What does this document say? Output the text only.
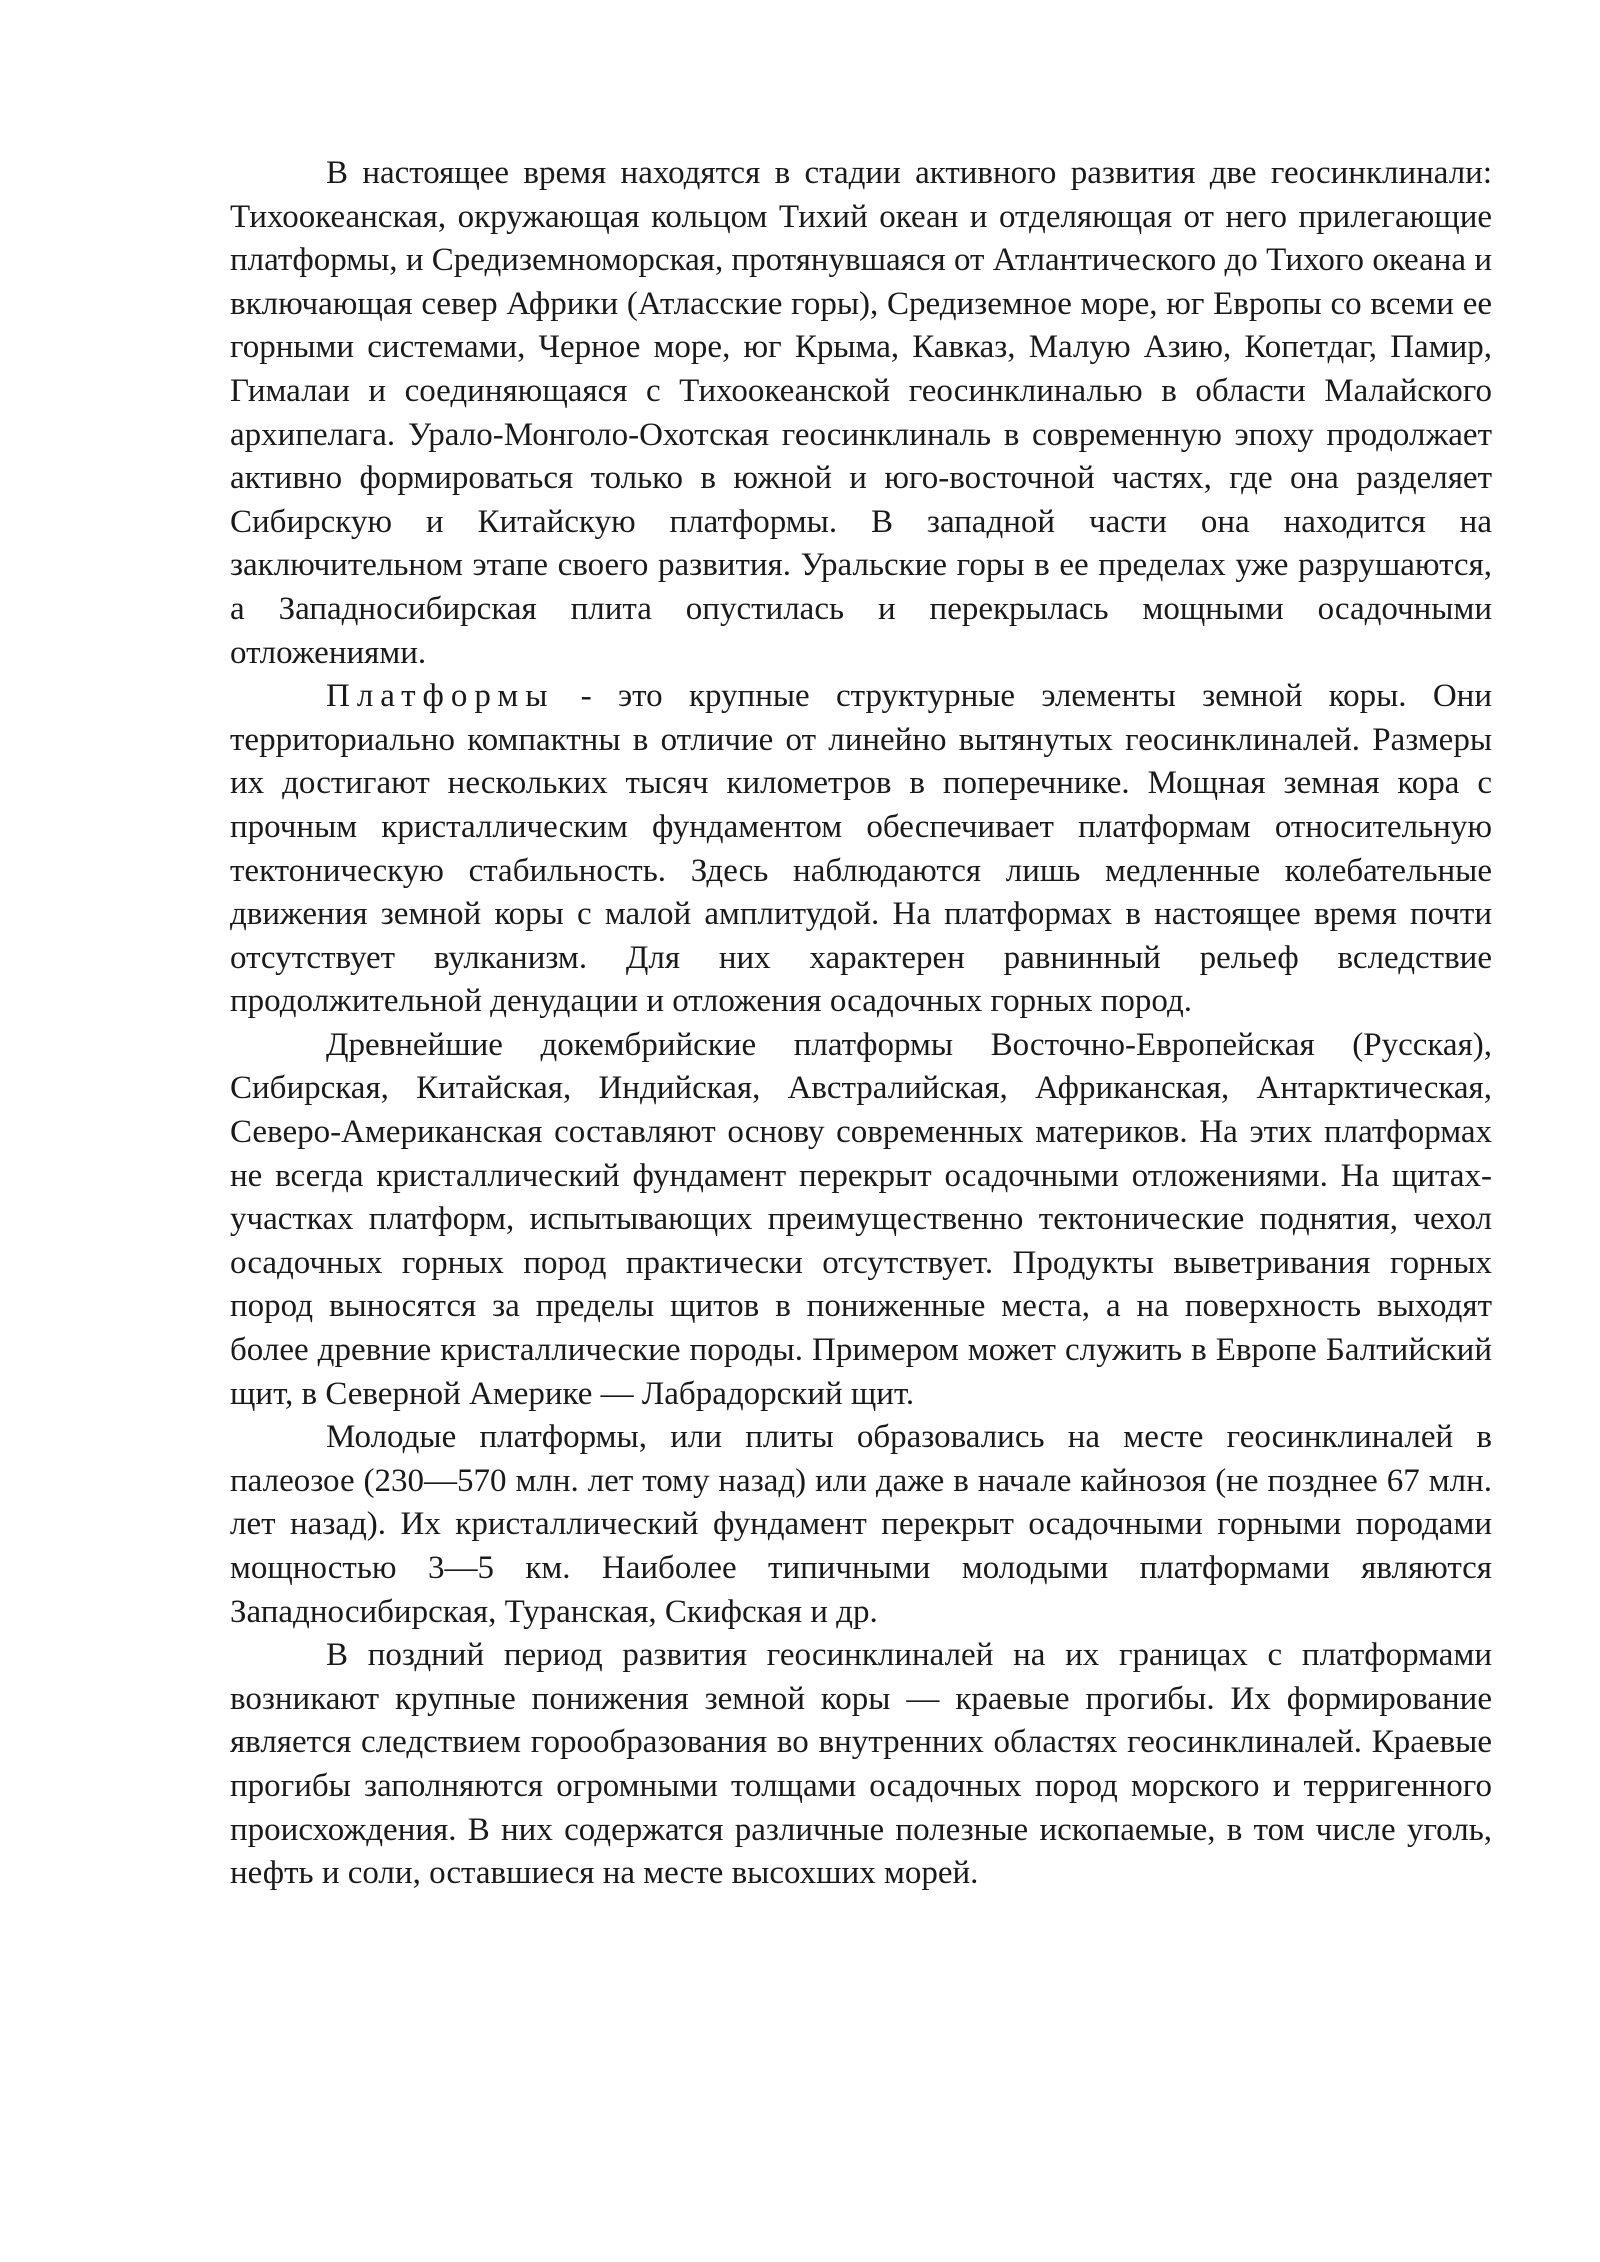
В настоящее время находятся в стадии активного развития две геосинклинали: Тихоокеанская, окружающая кольцом Тихий океан и отделяющая от него прилегающие платформы, и Средиземноморская, протянувшаяся от Атлантического до Тихого океана и включающая север Африки (Атласские горы), Средиземное море, юг Европы со всеми ее горными системами, Черное море, юг Крыма, Кавказ, Малую Азию, Копетдаг, Памир, Гималаи и соединяющаяся с Тихоокеанской геосинклиналью в области Малайского архипелага. Урало-Монголо-Охотская геосинклиналь в современную эпоху продолжает активно формироваться только в южной и юго-восточной частях, где она разделяет Сибирскую и Китайскую платформы. В западной части она находится на заключительном этапе своего развития. Уральские горы в ее пределах уже разрушаются, а Западносибирская плита опустилась и перекрылась мощными осадочными отложениями.

Платформы - это крупные структурные элементы земной коры. Они территориально компактны в отличие от линейно вытянутых геосинклиналей. Размеры их достигают нескольких тысяч километров в поперечнике. Мощная земная кора с прочным кристаллическим фундаментом обеспечивает платформам относительную тектоническую стабильность. Здесь наблюдаются лишь медленные колебательные движения земной коры с малой амплитудой. На платформах в настоящее время почти отсутствует вулканизм. Для них характерен равнинный рельеф вследствие продолжительной денудации и отложения осадочных горных пород.

Древнейшие докембрийские платформы Восточно-Европейская (Русская), Сибирская, Китайская, Индийская, Австралийская, Африканская, Антарктическая, Северо-Американская составляют основу современных материков. На этих платформах не всегда кристаллический фундамент перекрыт осадочными отложениями. На щитах-участках платформ, испытывающих преимущественно тектонические поднятия, чехол осадочных горных пород практически отсутствует. Продукты выветривания горных пород выносятся за пределы щитов в пониженные места, а на поверхность выходят более древние кристаллические породы. Примером может служить в Европе Балтийский щит, в Северной Америке — Лабрадорский щит.

Молодые платформы, или плиты образовались на месте геосинклиналей в палеозое (230—570 млн. лет тому назад) или даже в начале кайнозоя (не позднее 67 млн. лет назад). Их кристаллический фундамент перекрыт осадочными горными породами мощностью 3—5 км. Наиболее типичными молодыми платформами являются Западносибирская, Туранская, Скифская и др.

В поздний период развития геосинклиналей на их границах с платформами возникают крупные понижения земной коры — краевые прогибы. Их формирование является следствием горообразования во внутренних областях геосинклиналей. Краевые прогибы заполняются огромными толщами осадочных пород морского и терригенного происхождения. В них содержатся различные полезные ископаемые, в том числе уголь, нефть и соли, оставшиеся на месте высохших морей.
